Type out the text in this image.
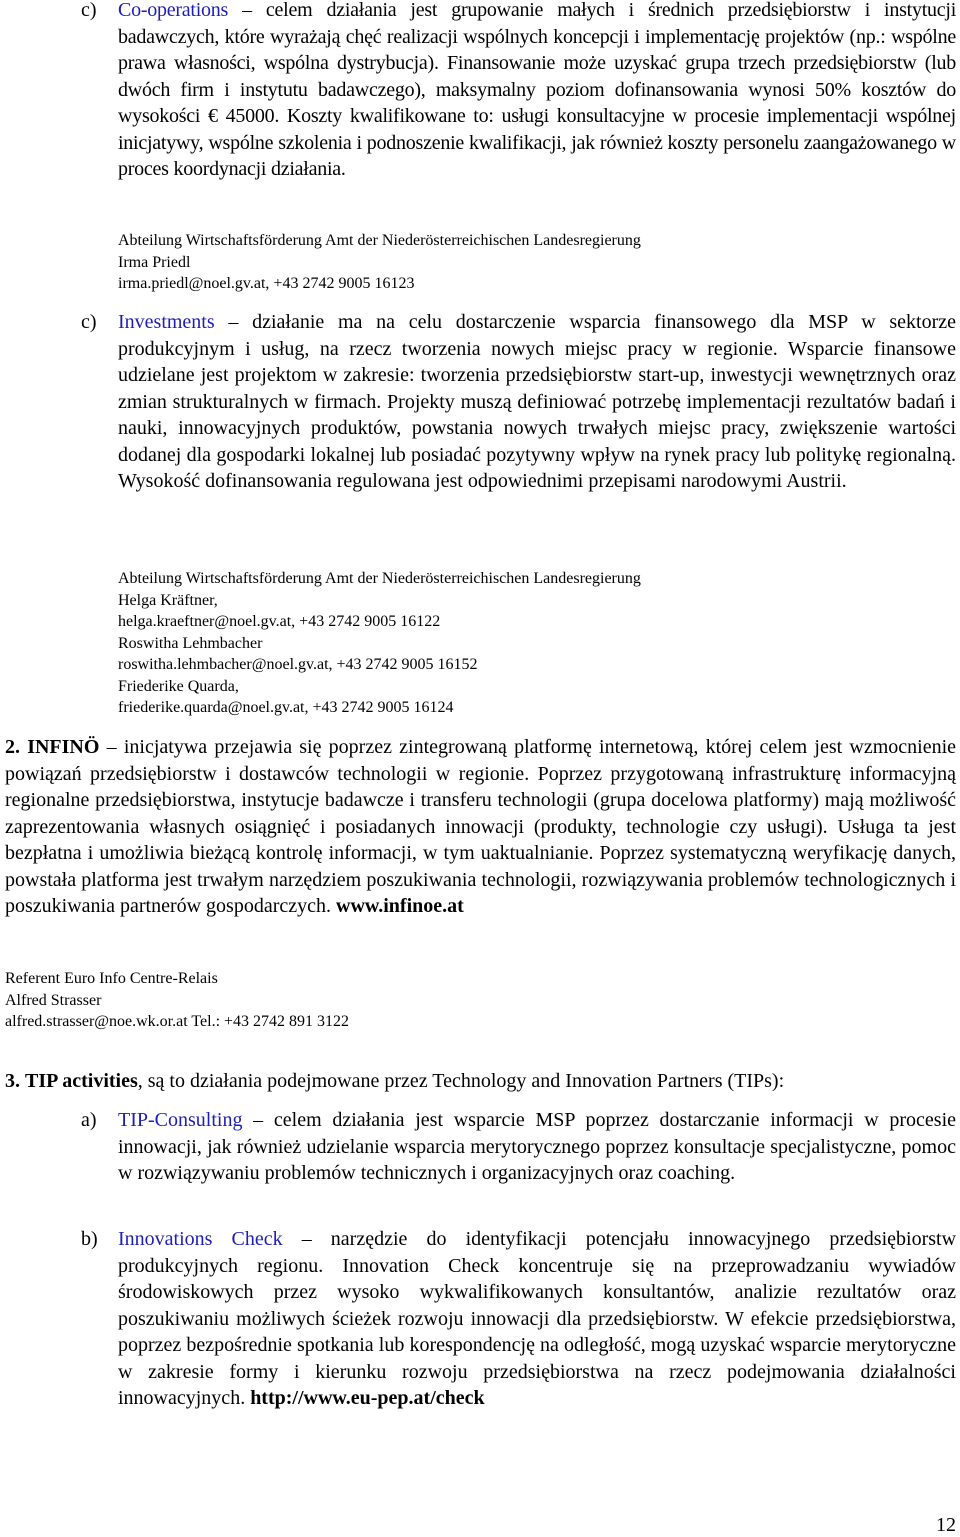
c) Co-operations – celem działania jest grupowanie małych i średnich przedsiębiorstw i instytucji badawczych, które wyrażają chęć realizacji wspólnych koncepcji i implementację projektów (np.: wspólne prawa własności, wspólna dystrybucja). Finansowanie może uzyskać grupa trzech przedsiębiorstw (lub dwóch firm i instytutu badawczego), maksymalny poziom dofinansowania wynosi 50% kosztów do wysokości € 45000. Koszty kwalifikowane to: usługi konsultacyjne w procesie implementacji wspólnej inicjatywy, wspólne szkolenia i podnoszenie kwalifikacji, jak również koszty personelu zaangażowanego w proces koordynacji działania.

Abteilung Wirtschaftsförderung Amt der Niederösterreichischen Landesregierung
Irma Priedl
irma.priedl@noel.gv.at, +43 2742 9005 16123
c) Investments – działanie ma na celu dostarczenie wsparcia finansowego dla MSP w sektorze produkcyjnym i usług, na rzecz tworzenia nowych miejsc pracy w regionie. Wsparcie finansowe udzielane jest projektom w zakresie: tworzenia przedsiębiorstw start-up, inwestycji wewnętrznych oraz zmian strukturalnych w firmach. Projekty muszą definiować potrzebę implementacji rezultatów badań i nauki, innowacyjnych produktów, powstania nowych trwałych miejsc pracy, zwiększenie wartości dodanej dla gospodarki lokalnej lub posiadać pozytywny wpływ na rynek pracy lub politykę regionalną. Wysokość dofinansowania regulowana jest odpowiednimi przepisami narodowymi Austrii.

Abteilung Wirtschaftsförderung Amt der Niederösterreichischen Landesregierung
Helga Kräftner,
helga.kraeftner@noel.gv.at, +43 2742 9005 16122
Roswitha Lehmbacher
roswitha.lehmbacher@noel.gv.at, +43 2742 9005 16152
Friederike Quarda,
friederike.quarda@noel.gv.at, +43 2742 9005 16124

2. INFINÖ – inicjatywa przejawia się poprzez zintegrowaną platformę internetową, której celem jest wzmocnienie powiązań przedsiębiorstw i dostawców technologii w regionie. Poprzez przygotowaną infrastrukturę informacyjną regionalne przedsiębiorstwa, instytucje badawcze i transferu technologii (grupa docelowa platformy) mają możliwość zaprezentowania własnych osiągnięć i posiadanych innowacji (produkty, technologie czy usługi). Usługa ta jest bezpłatna i umożliwia bieżącą kontrolę informacji, w tym uaktualnianie. Poprzez systematyczną weryfikację danych, powstała platforma jest trwałym narzędziem poszukiwania technologii, rozwiązywania problemów technologicznych i poszukiwania partnerów gospodarczych. www.infinoe.at

Referent Euro Info Centre-Relais
Alfred Strasser
alfred.strasser@noe.wk.or.at Tel.: +43 2742 891 3122
3. TIP activities, są to działania podejmowane przez Technology and Innovation Partners (TIPs):
a) TIP-Consulting – celem działania jest wsparcie MSP poprzez dostarczanie informacji w procesie innowacji, jak również udzielanie wsparcia merytorycznego poprzez konsultacje specjalistyczne, pomoc w rozwiązywaniu problemów technicznych i organizacyjnych oraz coaching.

b) Innovations Check – narzędzie do identyfikacji potencjału innowacyjnego przedsiębiorstw produkcyjnych regionu. Innovation Check koncentruje się na przeprowadzaniu wywiadów środowiskowych przez wysoko wykwalifikowanych konsultantów, analizie rezultatów oraz poszukiwaniu możliwych ścieżek rozwoju innowacji dla przedsiębiorstw. W efekcie przedsiębiorstwa, poprzez bezpośrednie spotkania lub korespondencję na odległość, mogą uzyskać wsparcie merytoryczne w zakresie formy i kierunku rozwoju przedsiębiorstwa na rzecz podejmowania działalności innowacyjnych. http://www.eu-pep.at/check

12
